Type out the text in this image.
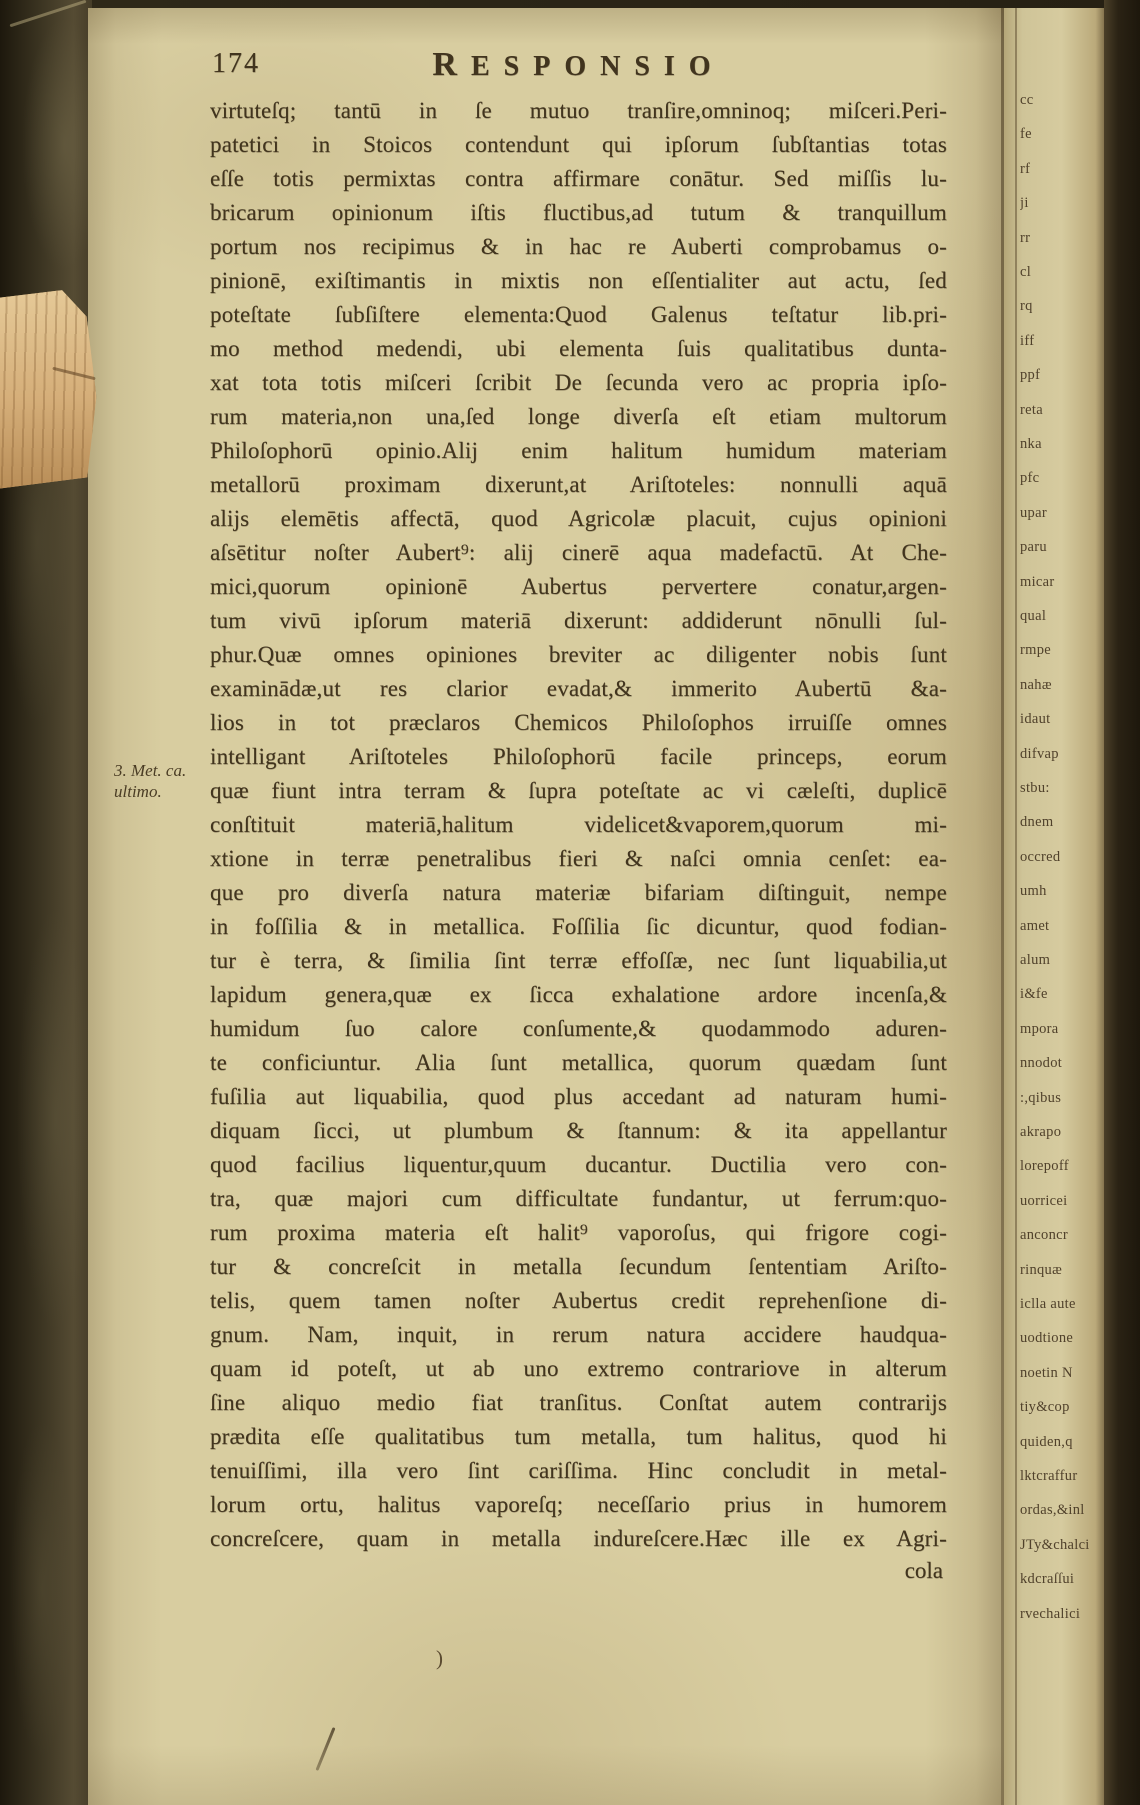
174	RESPONSIO
3. Met. ca.
ultimo.
virtuteſq; tantū in ſe mutuo tranſire,omninoq; miſceri.Peri-
patetici in Stoicos contendunt qui ipſorum ſubſtantias totas
eſſe totis permixtas contra affirmare conātur. Sed miſſis lu-
bricarum opinionum iſtis fluctibus,ad tutum & tranquillum
portum nos recipimus & in hac re Auberti comprobamus o-
pinionē, exiſtimantis in mixtis non eſſentialiter aut actu, ſed
poteſtate ſubſiſtere elementa:Quod Galenus teſtatur lib.pri-
mo method medendi, ubi elementa ſuis qualitatibus dunta-
xat tota totis miſceri ſcribit De ſecunda vero ac propria ipſo-
rum materia,non una,ſed longe diverſa eſt etiam multorum
Philoſophorū opinio.Alij enim halitum humidum materiam
metallorū proximam dixerunt,at Ariſtoteles: nonnulli aquā
alijs elemētis affectā, quod Agricolæ placuit, cujus opinioni
aſsētitur noſter Aubert⁹: alij cinerē aqua madefactū. At Che-
mici,quorum opinionē Aubertus pervertere conatur,argen-
tum vivū ipſorum materiā dixerunt: addiderunt nōnulli ſul-
phur.Quæ omnes opiniones breviter ac diligenter nobis ſunt
examinādæ,ut res clarior evadat,& immerito Aubertū &a-
lios in tot præclaros Chemicos Philoſophos irruiſſe omnes
intelligant Ariſtoteles Philoſophorū facile princeps, eorum
quæ fiunt intra terram & ſupra poteſtate ac vi cæleſti, duplicē
conſtituit materiā,halitum videlicet&vaporem,quorum mi-
xtione in terræ penetralibus fieri & naſci omnia cenſet: ea-
que pro diverſa natura materiæ bifariam diſtinguit, nempe
in foſſilia & in metallica. Foſſilia ſic dicuntur, quod fodian-
tur è terra, & ſimilia ſint terræ effoſſæ, nec ſunt liquabilia,ut
lapidum genera,quæ ex ſicca exhalatione ardore incenſa,&
humidum ſuo calore conſumente,& quodammodo aduren-
te conficiuntur. Alia ſunt metallica, quorum quædam ſunt
fuſilia aut liquabilia, quod plus accedant ad naturam humi-
diquam ſicci, ut plumbum & ſtannum: & ita appellantur
quod facilius liquentur,quum ducantur. Ductilia vero con-
tra, quæ majori cum difficultate fundantur, ut ferrum:quo-
rum proxima materia eſt halit⁹ vaporoſus, qui frigore cogi-
tur & concreſcit in metalla ſecundum ſententiam Ariſto-
telis, quem tamen noſter Aubertus credit reprehenſione di-
gnum. Nam, inquit, in rerum natura accidere haudqua-
quam id poteſt, ut ab uno extremo contrariove in alterum
ſine aliquo medio fiat tranſitus. Conſtat autem contrarijs
prædita eſſe qualitatibus tum metalla, tum halitus, quod hi
tenuiſſimi, illa vero ſint cariſſima. Hinc concludit in metal-
lorum ortu, halitus vaporeſq; neceſſario prius in humorem
concreſcere, quam in metalla indureſcere.Hæc ille ex Agri-
cola
)
cc
fe
rf
ji
rr
cl
rq
iff
ppf
reta
nka
pfc
upar
paru
micar
qual
rmpe
nahæ
idaut
difvap
stbu:
dnem
occred
umh
amet
alum
i&fe
mpora
nnodot
:,qibus
akrapo
lorepoff
uorricei
anconcr
rinquæ
iclla aute
uodtione
noetin N
tiy&cop
quiden,q
lktcraffur
ordas,&inl
JTy&chalci
kdcraſſui
rvechalici
